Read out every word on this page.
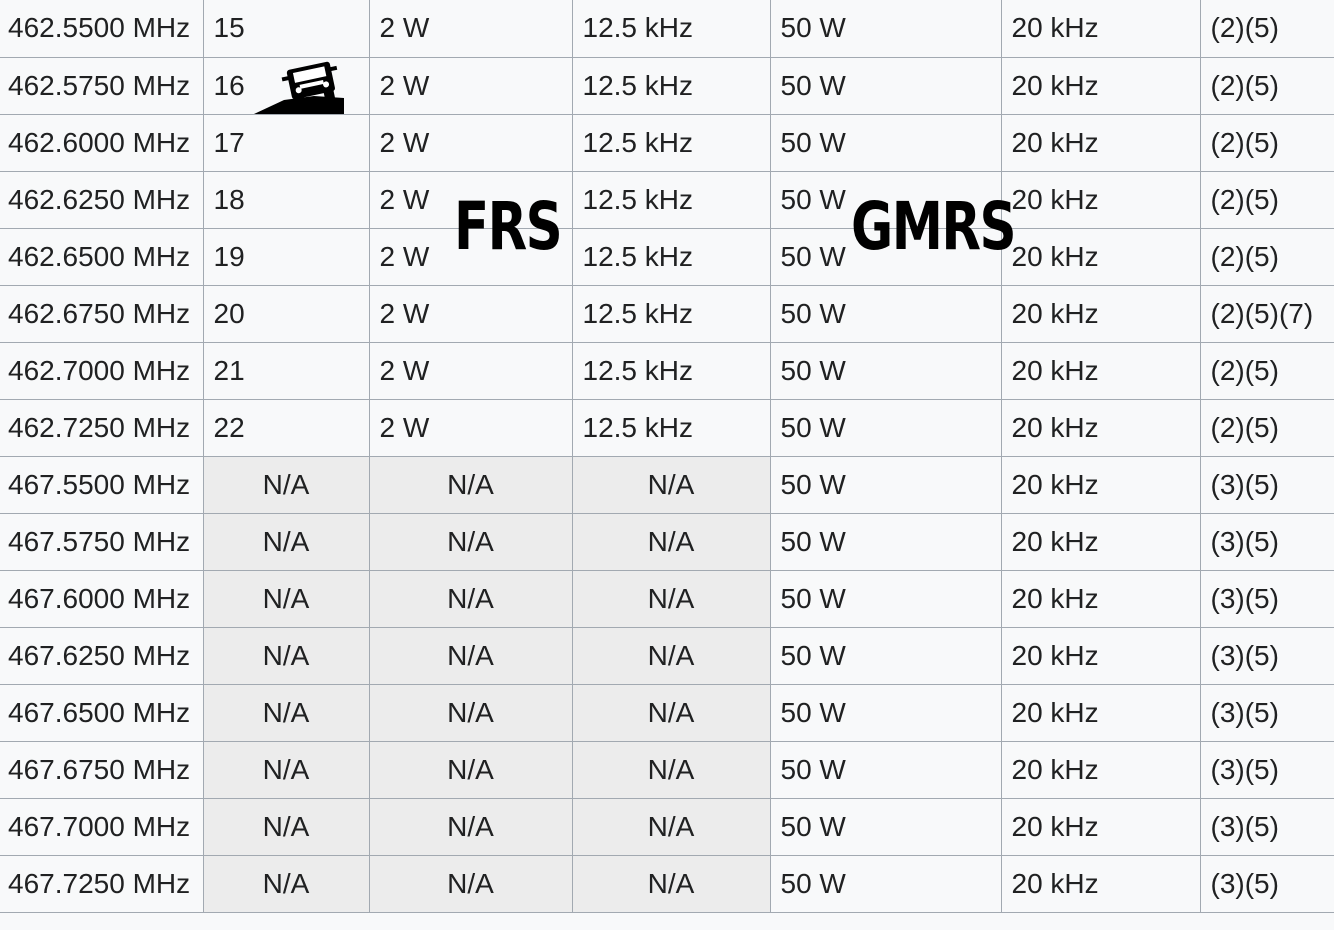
462.5500 MHz	15	2 W	12.5 kHz	50 W	20 kHz	(2)(5)
462.5750 MHz	16	2 W	12.5 kHz	50 W	20 kHz	(2)(5)
462.6000 MHz	17	2 W	12.5 kHz	50 W	20 kHz	(2)(5)
462.6250 MHz	18	2 W	12.5 kHz	50 W	20 kHz	(2)(5)
462.6500 MHz	19	2 W	12.5 kHz	50 W	20 kHz	(2)(5)
462.6750 MHz	20	2 W	12.5 kHz	50 W	20 kHz	(2)(5)(7)
462.7000 MHz	21	2 W	12.5 kHz	50 W	20 kHz	(2)(5)
462.7250 MHz	22	2 W	12.5 kHz	50 W	20 kHz	(2)(5)
467.5500 MHz	N/A	N/A	N/A	50 W	20 kHz	(3)(5)
467.5750 MHz	N/A	N/A	N/A	50 W	20 kHz	(3)(5)
467.6000 MHz	N/A	N/A	N/A	50 W	20 kHz	(3)(5)
467.6250 MHz	N/A	N/A	N/A	50 W	20 kHz	(3)(5)
467.6500 MHz	N/A	N/A	N/A	50 W	20 kHz	(3)(5)
467.6750 MHz	N/A	N/A	N/A	50 W	20 kHz	(3)(5)
467.7000 MHz	N/A	N/A	N/A	50 W	20 kHz	(3)(5)
467.7250 MHz	N/A	N/A	N/A	50 W	20 kHz	(3)(5)
FRS	GMRS
